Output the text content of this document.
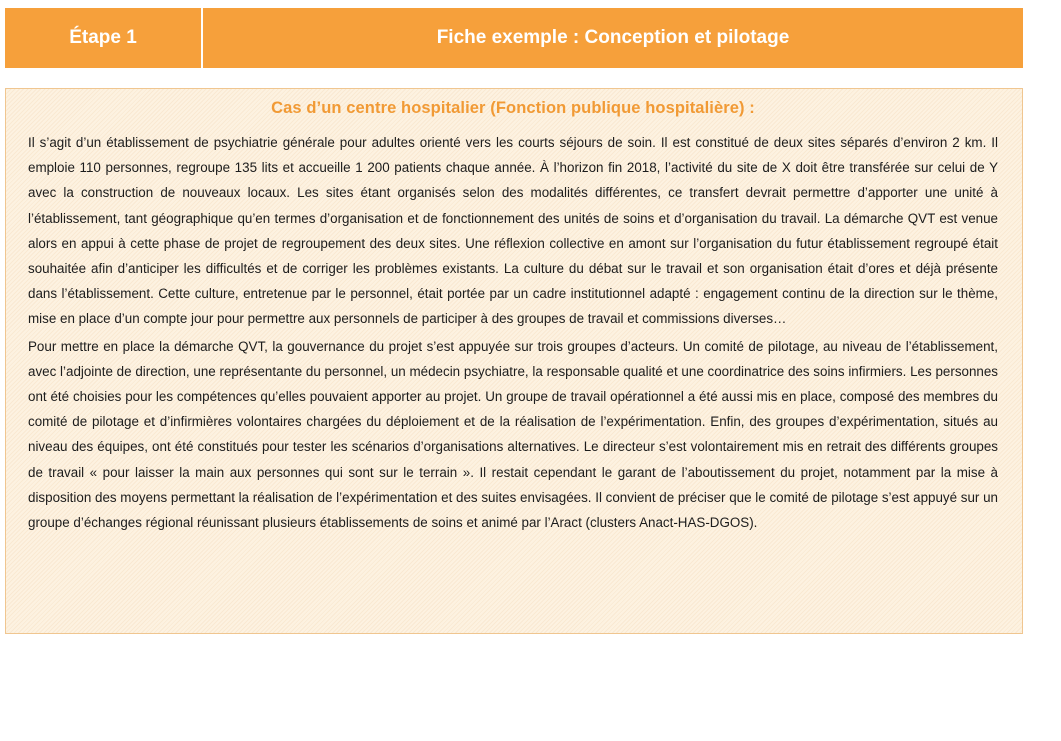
Étape 1	Fiche exemple : Conception et pilotage
Cas d’un centre hospitalier (Fonction publique hospitalière) :

Il s’agit d’un établissement de psychiatrie générale pour adultes orienté vers les courts séjours de soin. Il est constitué de deux sites séparés d’environ 2 km. Il emploie 110 personnes, regroupe 135 lits et accueille 1 200 patients chaque année. À l’horizon fin 2018, l’activité du site de X doit être transférée sur celui de Y avec la construction de nouveaux locaux. Les sites étant organisés selon des modalités différentes, ce transfert devrait permettre d’apporter une unité à l’établissement, tant géographique qu’en termes d’organisation et de fonctionnement des unités de soins et d’organisation du travail. La démarche QVT est venue alors en appui à cette phase de projet de regroupement des deux sites. Une réflexion collective en amont sur l’organisation du futur établissement regroupé était souhaitée afin d’anticiper les difficultés et de corriger les problèmes existants. La culture du débat sur le travail et son organisation était d’ores et déjà présente dans l’établissement. Cette culture, entretenue par le personnel, était portée par un cadre institutionnel adapté : engagement continu de la direction sur le thème, mise en place d’un compte jour pour permettre aux personnels de participer à des groupes de travail et commissions diverses…

Pour mettre en place la démarche QVT, la gouvernance du projet s’est appuyée sur trois groupes d’acteurs. Un comité de pilotage, au niveau de l’établissement, avec l’adjointe de direction, une représentante du personnel, un médecin psychiatre, la responsable qualité et une coordinatrice des soins infirmiers. Les personnes ont été choisies pour les compétences qu’elles pouvaient apporter au projet. Un groupe de travail opérationnel a été aussi mis en place, composé des membres du comité de pilotage et d’infirmières volontaires chargées du déploiement et de la réalisation de l’expérimentation. Enfin, des groupes d’expérimentation, situés au niveau des équipes, ont été constitués pour tester les scénarios d’organisations alternatives. Le directeur s’est volontairement mis en retrait des différents groupes de travail « pour laisser la main aux personnes qui sont sur le terrain ». Il restait cependant le garant de l’aboutissement du projet, notamment par la mise à disposition des moyens permettant la réalisation de l’expérimentation et des suites envisagées. Il convient de préciser que le comité de pilotage s’est appuyé sur un groupe d’échanges régional réunissant plusieurs établissements de soins et animé par l’Aract (clusters Anact-HAS-DGOS).
